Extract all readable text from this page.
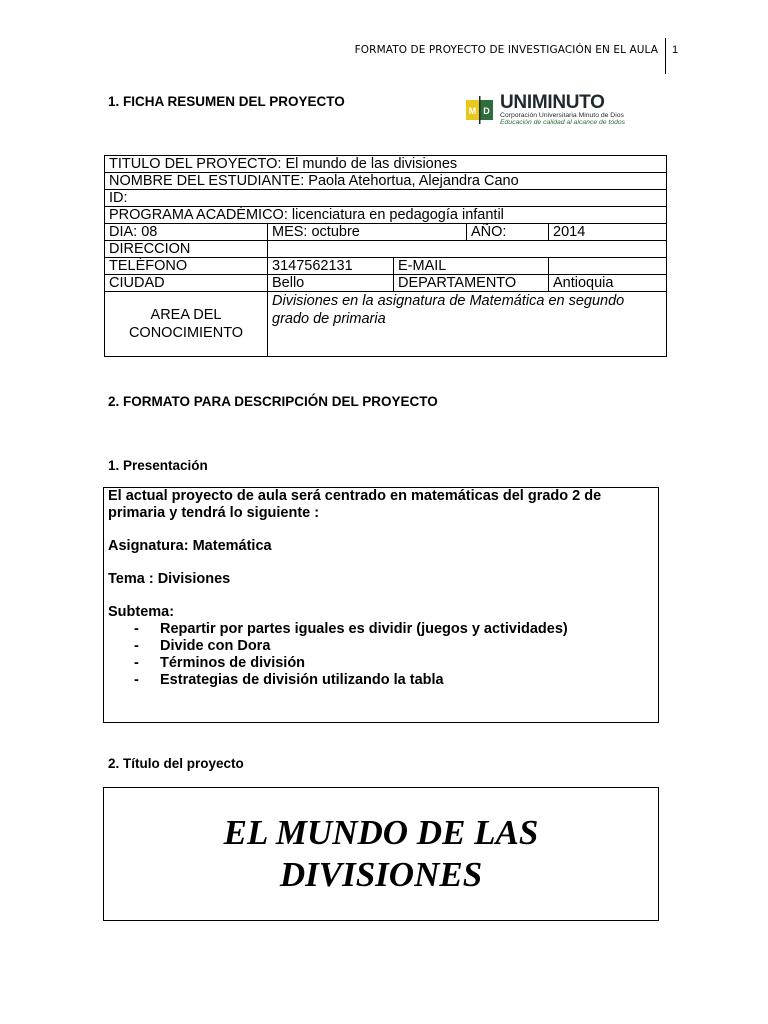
FORMATO DE PROYECTO DE INVESTIGACIÓN EN EL AULA 1
1. FICHA RESUMEN DEL PROYECTO
M D UNIMINUTO
Corporación Universitaria Minuto de Dios
Educación de calidad al alcance de todos
TITULO DEL PROYECTO: El mundo de las divisiones				
NOMBRE DEL ESTUDIANTE: Paola Atehortua, Alejandra Cano				
ID:				
PROGRAMA ACADÉMICO: licenciatura en pedagogía infantil				
DIA: 08	MES: octubre		AÑO:	2014
DIRECCION				
TELÉFONO	3147562131	E-MAIL		
CIUDAD	Bello	DEPARTAMENTO		Antioquia
AREA DEL CONOCIMIENTO	Divisiones en la asignatura de Matemática en segundo grado de primaria			
2. FORMATO PARA DESCRIPCIÓN DEL PROYECTO
1. Presentación

El actual proyecto de aula será centrado en matemáticas del grado 2 de primaria y tendrá lo siguiente :

Asignatura: Matemática

Tema : Divisiones

Subtema:

- Repartir por partes iguales es dividir (juegos y actividades)
- Divide con Dora
- Términos de división
- Estrategias de división utilizando la tabla
2. Título del proyecto
EL MUNDO DE LAS
DIVISIONES
